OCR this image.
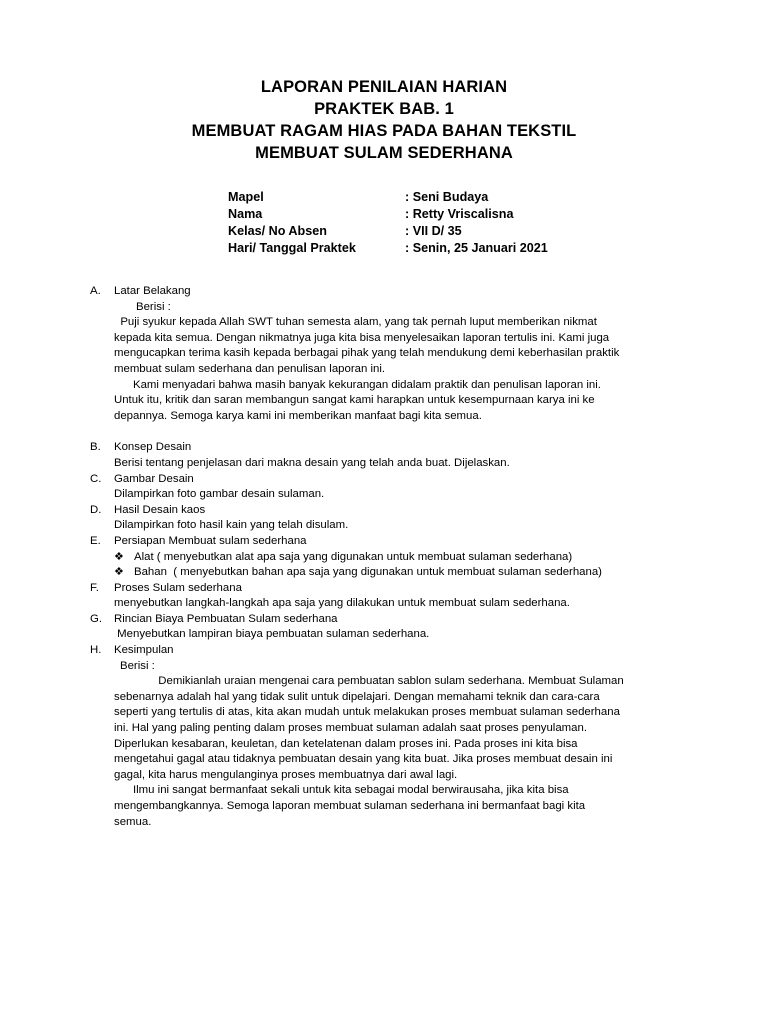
LAPORAN PENILAIAN HARIAN
PRAKTEK BAB. 1
MEMBUAT RAGAM HIAS PADA BAHAN TEKSTIL
MEMBUAT SULAM SEDERHANA
Mapel	: Seni Budaya
Nama	: Retty Vriscalisna
Kelas/ No Absen	: VII D/ 35
Hari/ Tanggal Praktek	: Senin, 25 Januari 2021
A. Latar Belakang
Berisi :
Puji syukur kepada Allah SWT tuhan semesta alam, yang tak pernah luput memberikan nikmat
kepada kita semua. Dengan nikmatnya juga kita bisa menyelesaikan laporan tertulis ini. Kami juga
mengucapkan terima kasih kepada berbagai pihak yang telah mendukung demi keberhasilan praktik
membuat sulam sederhana dan penulisan laporan ini.
Kami menyadari bahwa masih banyak kekurangan didalam praktik dan penulisan laporan ini.
Untuk itu, kritik dan saran membangun sangat kami harapkan untuk kesempurnaan karya ini ke
depannya. Semoga karya kami ini memberikan manfaat bagi kita semua.
B. Konsep Desain
Berisi tentang penjelasan dari makna desain yang telah anda buat. Dijelaskan.
C. Gambar Desain
Dilampirkan foto gambar desain sulaman.
D. Hasil Desain kaos
Dilampirkan foto hasil kain yang telah disulam.
E. Persiapan Membuat sulam sederhana
❖ Alat ( menyebutkan alat apa saja yang digunakan untuk membuat sulaman sederhana)
❖ Bahan  ( menyebutkan bahan apa saja yang digunakan untuk membuat sulaman sederhana)
F. Proses Sulam sederhana
menyebutkan langkah-langkah apa saja yang dilakukan untuk membuat sulam sederhana.
G. Rincian Biaya Pembuatan Sulam sederhana
Menyebutkan lampiran biaya pembuatan sulaman sederhana.
H. Kesimpulan
Berisi :
Demikianlah uraian mengenai cara pembuatan sablon sulam sederhana. Membuat Sulaman
sebenarnya adalah hal yang tidak sulit untuk dipelajari. Dengan memahami teknik dan cara-cara
seperti yang tertulis di atas, kita akan mudah untuk melakukan proses membuat sulaman sederhana
ini. Hal yang paling penting dalam proses membuat sulaman adalah saat proses penyulaman.
Diperlukan kesabaran, keuletan, dan ketelatenan dalam proses ini. Pada proses ini kita bisa
mengetahui gagal atau tidaknya pembuatan desain yang kita buat. Jika proses membuat desain ini
gagal, kita harus mengulanginya proses membuatnya dari awal lagi.
Ilmu ini sangat bermanfaat sekali untuk kita sebagai modal berwirausaha, jika kita bisa
mengembangkannya. Semoga laporan membuat sulaman sederhana ini bermanfaat bagi kita
semua.
